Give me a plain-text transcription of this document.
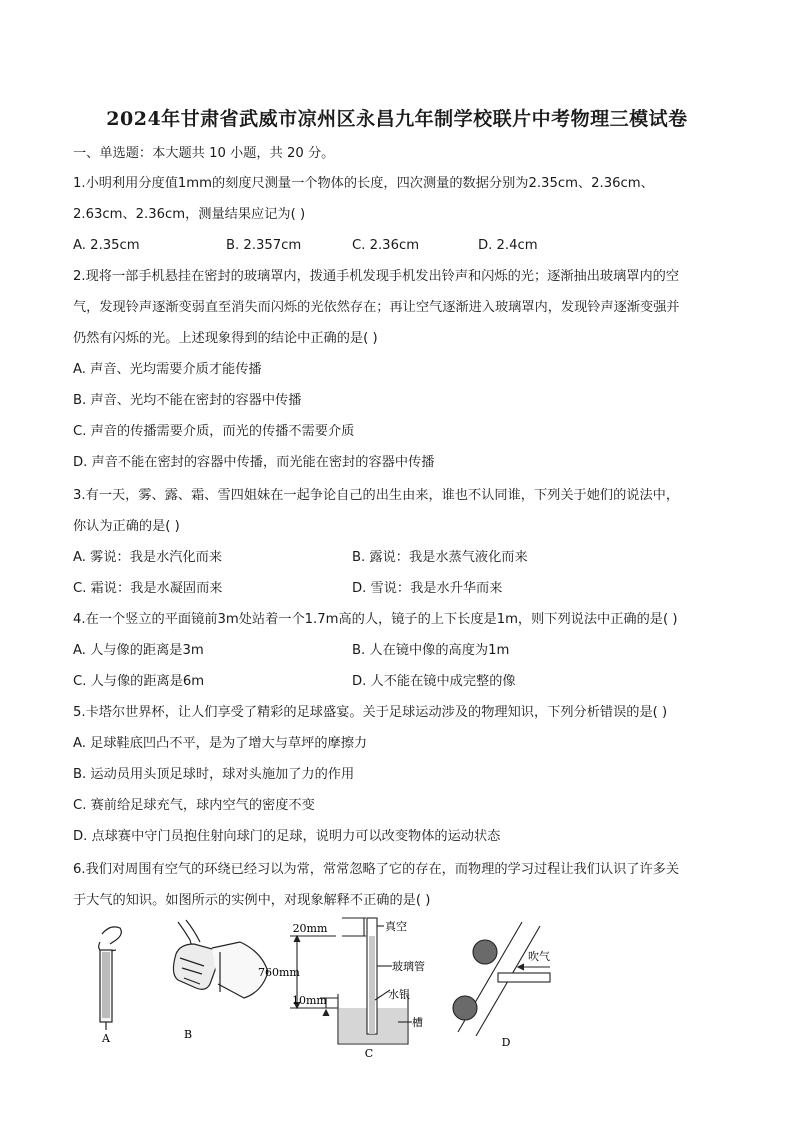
2024年甘肃省武威市凉州区永昌九年制学校联片中考物理三模试卷
一、单选题：本大题共 10 小题，共 20 分。
1.小明利用分度值1mm的刻度尺测量一个物体的长度，四次测量的数据分别为2.35cm、2.36cm、
2.63cm、2.36cm，测量结果应记为( )
A. 2.35cm	B. 2.357cm	C. 2.36cm	D. 2.4cm
2.现将一部手机悬挂在密封的玻璃罩内，拨通手机发现手机发出铃声和闪烁的光；逐渐抽出玻璃罩内的空
气，发现铃声逐渐变弱直至消失而闪烁的光依然存在；再让空气逐渐进入玻璃罩内，发现铃声逐渐变强并
仍然有闪烁的光。上述现象得到的结论中正确的是( )
A. 声音、光均需要介质才能传播
B. 声音、光均不能在密封的容器中传播
C. 声音的传播需要介质，而光的传播不需要介质
D. 声音不能在密封的容器中传播，而光能在密封的容器中传播
3.有一天，雾、露、霜、雪四姐妹在一起争论自己的出生由来，谁也不认同谁，下列关于她们的说法中，
你认为正确的是( )
A. 雾说：我是水汽化而来	B. 露说：我是水蒸气液化而来
C. 霜说：我是水凝固而来	D. 雪说：我是水升华而来
4.在一个竖立的平面镜前3m处站着一个1.7m高的人，镜子的上下长度是1m，则下列说法中正确的是( )
A. 人与像的距离是3m	B. 人在镜中像的高度为1m
C. 人与像的距离是6m	D. 人不能在镜中成完整的像
5.卡塔尔世界杯，让人们享受了精彩的足球盛宴。关于足球运动涉及的物理知识，下列分析错误的是( )
A. 足球鞋底凹凸不平，是为了增大与草坪的摩擦力
B. 运动员用头顶足球时，球对头施加了力的作用
C. 赛前给足球充气，球内空气的密度不变
D. 点球赛中守门员抱住射向球门的足球，说明力可以改变物体的运动状态
6.我们对周围有空气的环绕已经习以为常，常常忽略了它的存在，而物理的学习过程让我们认识了许多关
于大气的知识。如图所示的实例中，对现象解释不正确的是( )
A	B
20mm	真空
760mm	玻璃管
水银
10mm
槽
C
吹气
D
